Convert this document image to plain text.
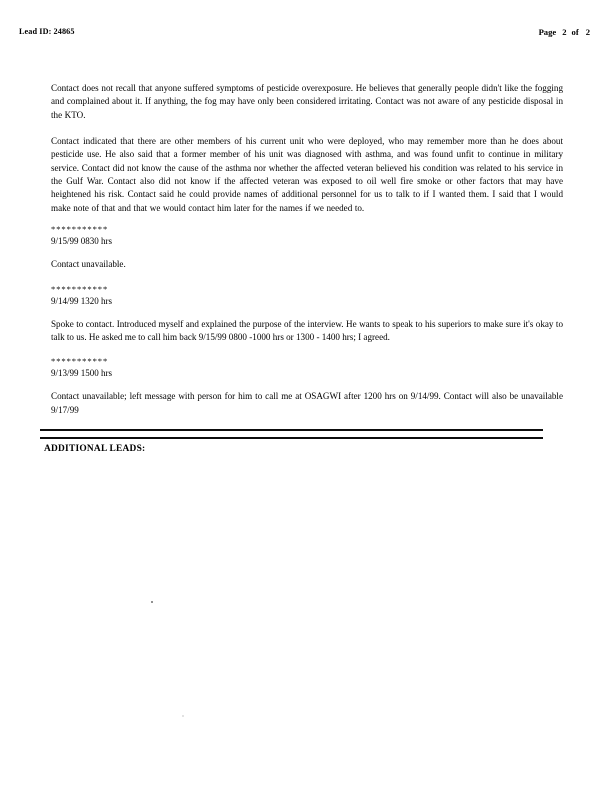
Lead ID: 24865	Page 2 of 2

Contact does not recall that anyone suffered symptoms of pesticide overexposure. He believes that generally people didn't like the fogging and complained about it. If anything, the fog may have only been considered irritating. Contact was not aware of any pesticide disposal in the KTO.

Contact indicated that there are other members of his current unit who were deployed, who may remember more than he does about pesticide use. He also said that a former member of his unit was diagnosed with asthma, and was found unfit to continue in military service. Contact did not know the cause of the asthma nor whether the affected veteran believed his condition was related to his service in the Gulf War. Contact also did not know if the affected veteran was exposed to oil well fire smoke or other factors that may have heightened his risk. Contact said he could provide names of additional personnel for us to talk to if I wanted them. I said that I would make note of that and that we would contact him later for the names if we needed to.

***********
9/15/99 0830 hrs
Contact unavailable.
***********
9/14/99 1320 hrs
Spoke to contact. Introduced myself and explained the purpose of the interview. He wants to speak to his superiors to make sure it's okay to talk to us. He asked me to call him back 9/15/99 0800 -1000 hrs or 1300 - 1400 hrs; I agreed.
***********
9/13/99 1500 hrs
Contact unavailable; left message with person for him to call me at OSAGWI after 1200 hrs on 9/14/99. Contact will also be unavailable 9/17/99
ADDITIONAL LEADS:
